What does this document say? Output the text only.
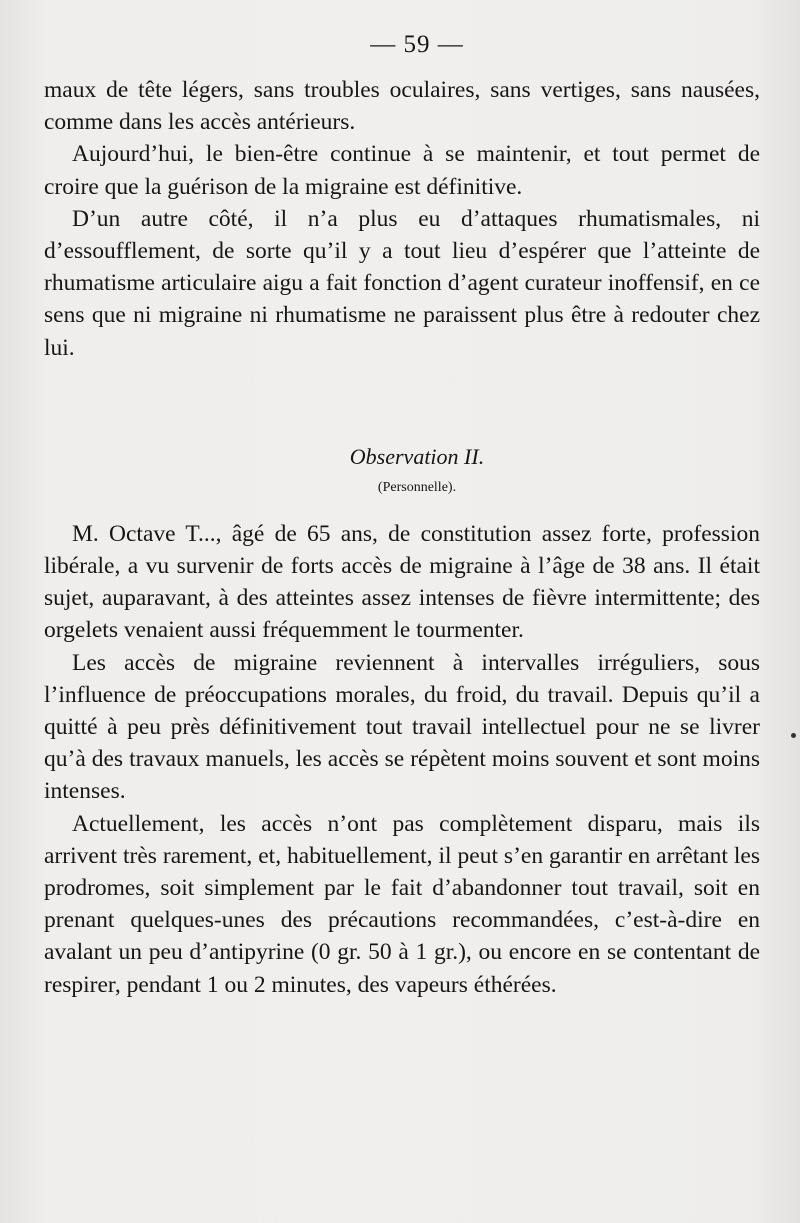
— 59 —

maux de tête légers, sans troubles oculaires, sans vertiges, sans nausées, comme dans les accès antérieurs.

Aujourd’hui, le bien-être continue à se maintenir, et tout permet de croire que la guérison de la migraine est définitive.

D’un autre côté, il n’a plus eu d’attaques rhumatismales, ni d’essoufflement, de sorte qu’il y a tout lieu d’espérer que l’atteinte de rhumatisme articulaire aigu a fait fonction d’agent curateur inoffensif, en ce sens que ni migraine ni rhumatisme ne paraissent plus être à redouter chez lui.

Observation II.
(Personnelle).

M. Octave T..., âgé de 65 ans, de constitution assez forte, profession libérale, a vu survenir de forts accès de migraine à l’âge de 38 ans. Il était sujet, auparavant, à des atteintes assez intenses de fièvre intermittente; des orgelets venaient aussi fréquemment le tourmenter.

Les accès de migraine reviennent à intervalles irréguliers, sous l’influence de préoccupations morales, du froid, du travail. Depuis qu’il a quitté à peu près définitivement tout travail intellectuel pour ne se livrer qu’à des travaux manuels, les accès se répètent moins souvent et sont moins intenses.

Actuellement, les accès n’ont pas complètement disparu, mais ils arrivent très rarement, et, habituellement, il peut s’en garantir en arrêtant les prodromes, soit simplement par le fait d’abandonner tout travail, soit en prenant quelques-unes des précautions recommandées, c’est-à-dire en avalant un peu d’antipyrine (0 gr. 50 à 1 gr.), ou encore en se contentant de respirer, pendant 1 ou 2 minutes, des vapeurs éthérées.
